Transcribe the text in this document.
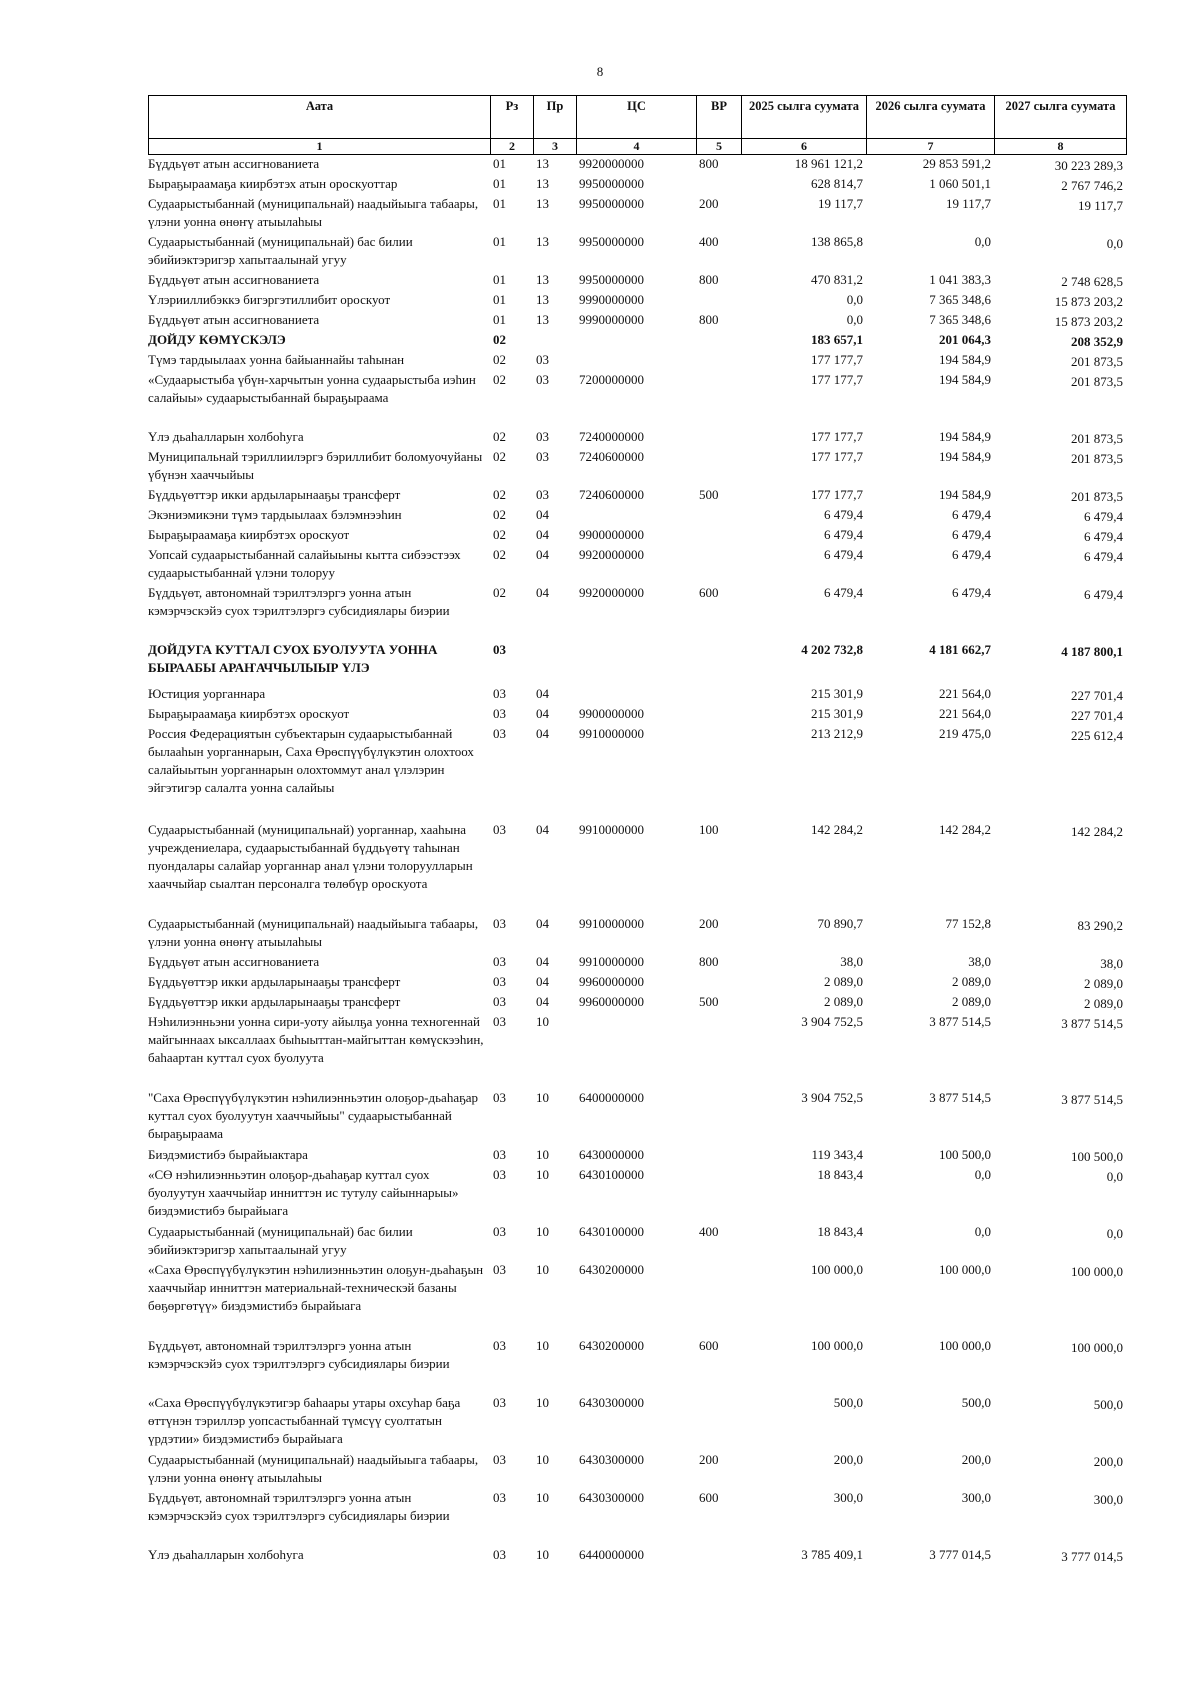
8
Аата	Рз	Пр	ЦС	ВР	2025 сылга суумата	2026 сылга суумата	2027 сылга суумата
1	2	3	4	5	6	7	8
Бүддьүөт атын ассигнованиета	01	13	9920000000	800	18 961 121,2	29 853 591,2	30 223 289,3
Быраҕыраамаҕа киирбэтэх атын ороскуоттар	01	13	9950000000		628 814,7	1 060 501,1	2 767 746,2
Судаарыстыбаннай (муниципальнай) наадыйыыга табаары, үлэни уонна өнөҥү атыылаһыы	01	13	9950000000	200	19 117,7	19 117,7	19 117,7
Судаарыстыбаннай (муниципальнай) бас билии эбийиэктэригэр хапытаалынай угуу	01	13	9950000000	400	138 865,8	0,0	0,0
Бүддьүөт атын ассигнованиета	01	13	9950000000	800	470 831,2	1 041 383,3	2 748 628,5
Үлэрииллибэккэ бигэргэтиллибит ороскуот	01	13	9990000000		0,0	7 365 348,6	15 873 203,2
Бүддьүөт атын ассигнованиета	01	13	9990000000	800	0,0	7 365 348,6	15 873 203,2
ДОЙДУ КӨМҮСКЭЛЭ	02				183 657,1	201 064,3	208 352,9
Түмэ тардыылаах уонна байыаннайы таһынан	02	03			177 177,7	194 584,9	201 873,5
«Судаарыстыба үбүн-харчытын уонна судаарыстыба иэһин салайыы» судаарыстыбаннай быраҕыраама	02	03	7200000000		177 177,7	194 584,9	201 873,5
Үлэ дьаһалларын холбоһуга	02	03	7240000000		177 177,7	194 584,9	201 873,5
Муниципальнай тэриллиилэргэ бэриллибит боломуочуйаны үбүнэн хааччыйыы	02	03	7240600000		177 177,7	194 584,9	201 873,5
Бүддьүөттэр икки ардыларынааҕы трансферт	02	03	7240600000	500	177 177,7	194 584,9	201 873,5
Экэниэмикэни түмэ тардыылаах бэлэмнээһин	02	04			6 479,4	6 479,4	6 479,4
Быраҕыраамаҕа киирбэтэх ороскуот	02	04	9900000000		6 479,4	6 479,4	6 479,4
Уопсай судаарыстыбаннай салайыыны кытта сибээстээх судаарыстыбаннай үлэни толоруу	02	04	9920000000		6 479,4	6 479,4	6 479,4
Бүддьүөт, автономнай тэрилтэлэргэ уонна атын кэмэрчэскэйэ суох тэрилтэлэргэ субсидиялары биэрии	02	04	9920000000	600	6 479,4	6 479,4	6 479,4
ДОЙДУГА КУТТАЛ СУОХ БУОЛУУТА УОННА БЫРААБЫ АРАҤАЧЧЫЛЫЫР ҮЛЭ	03				4 202 732,8	4 181 662,7	4 187 800,1
Юстиция уорганнара	03	04			215 301,9	221 564,0	227 701,4
Быраҕыраамаҕа киирбэтэх ороскуот	03	04	9900000000		215 301,9	221 564,0	227 701,4
Россия Федерациятын субъектарын судаарыстыбаннай былааһын уорганнарын, Саха Өрөспүүбүлүкэтин олохтоох салайыытын уорганнарын олохтоммут анал үлэлэрин эйгэтигэр салалта уонна салайыы	03	04	9910000000		213 212,9	219 475,0	225 612,4
Судаарыстыбаннай (муниципальнай) уорганнар, хааһына учреждениелара, судаарыстыбаннай бүддьүөтү таһынан пуондалары салайар уорганнар анал үлэни толоруулларын хааччыйар сыалтан персоналга төлөбүр ороскуота	03	04	9910000000	100	142 284,2	142 284,2	142 284,2
Судаарыстыбаннай (муниципальнай) наадыйыыга табаары, үлэни уонна өнөҥү атыылаһыы	03	04	9910000000	200	70 890,7	77 152,8	83 290,2
Бүддьүөт атын ассигнованиета	03	04	9910000000	800	38,0	38,0	38,0
Бүддьүөттэр икки ардыларынааҕы трансферт	03	04	9960000000		2 089,0	2 089,0	2 089,0
Бүддьүөттэр икки ардыларынааҕы трансферт	03	04	9960000000	500	2 089,0	2 089,0	2 089,0
Нэһилиэнньэни уонна сири-уоту айылҕа уонна техногеннай майгыннаах ыксаллаах быһыыттан-майгыттан көмүскээһин, баһаартан куттал суох буолуута	03	10			3 904 752,5	3 877 514,5	3 877 514,5
"Саха Өрөспүүбүлүкэтин нэһилиэнньэтин олоҕор-дьаһаҕар куттал суох буолуутун хааччыйыы" судаарыстыбаннай быраҕыраама	03	10	6400000000		3 904 752,5	3 877 514,5	3 877 514,5
Биэдэмистибэ бырайыактара	03	10	6430000000		119 343,4	100 500,0	100 500,0
«СӨ нэһилиэнньэтин олоҕор-дьаһаҕар куттал суох буолуутун хааччыйар инниттэн ис тутулу сайыннарыы» биэдэмистибэ бырайыага	03	10	6430100000		18 843,4	0,0	0,0
Судаарыстыбаннай (муниципальнай) бас билии эбийиэктэригэр хапытаалынай угуу	03	10	6430100000	400	18 843,4	0,0	0,0
«Саха Өрөспүүбүлүкэтин нэһилиэнньэтин олоҕун-дьаһаҕын хааччыйар инниттэн материальнай-техническэй базаны бөҕөргөтүү» биэдэмистибэ бырайыага	03	10	6430200000		100 000,0	100 000,0	100 000,0
Бүддьүөт, автономнай тэрилтэлэргэ уонна атын кэмэрчэскэйэ суох тэрилтэлэргэ субсидиялары биэрии	03	10	6430200000	600	100 000,0	100 000,0	100 000,0
«Саха Өрөспүүбүлүкэтигэр баһаары утары охсуһар баҕа өттүнэн тэриллэр уопсастыбаннай түмсүү суолтатын үрдэтии» биэдэмистибэ бырайыага	03	10	6430300000		500,0	500,0	500,0
Судаарыстыбаннай (муниципальнай) наадыйыыга табаары, үлэни уонна өнөҥү атыылаһыы	03	10	6430300000	200	200,0	200,0	200,0
Бүддьүөт, автономнай тэрилтэлэргэ уонна атын кэмэрчэскэйэ суох тэрилтэлэргэ субсидиялары биэрии	03	10	6430300000	600	300,0	300,0	300,0
Үлэ дьаһалларын холбоһуга	03	10	6440000000		3 785 409,1	3 777 014,5	3 777 014,5
